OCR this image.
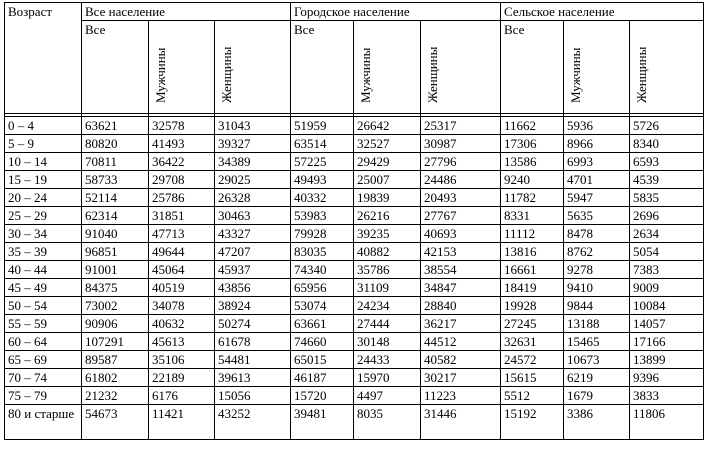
Возраст	Все население			Городское население			Сельское население		
	Все	Мужчины	Женщины	Все	Мужчины	Женщины	Все	Мужчины	Женщины

0 – 4	63621	32578	31043	51959	26642	25317	11662	5936	5726
5 – 9	80820	41493	39327	63514	32527	30987	17306	8966	8340
10 – 14	70811	36422	34389	57225	29429	27796	13586	6993	6593
15 – 19	58733	29708	29025	49493	25007	24486	9240	4701	4539
20 – 24	52114	25786	26328	40332	19839	20493	11782	5947	5835
25 – 29	62314	31851	30463	53983	26216	27767	8331	5635	2696
30 – 34	91040	47713	43327	79928	39235	40693	11112	8478	2634
35 – 39	96851	49644	47207	83035	40882	42153	13816	8762	5054
40 – 44	91001	45064	45937	74340	35786	38554	16661	9278	7383
45 – 49	84375	40519	43856	65956	31109	34847	18419	9410	9009
50 – 54	73002	34078	38924	53074	24234	28840	19928	9844	10084
55 – 59	90906	40632	50274	63661	27444	36217	27245	13188	14057
60 – 64	107291	45613	61678	74660	30148	44512	32631	15465	17166
65 – 69	89587	35106	54481	65015	24433	40582	24572	10673	13899
70 – 74	61802	22189	39613	46187	15970	30217	15615	6219	9396
75 – 79	21232	6176	15056	15720	4497	11223	5512	1679	3833
80 и старше	54673	11421	43252	39481	8035	31446	15192	3386	11806
